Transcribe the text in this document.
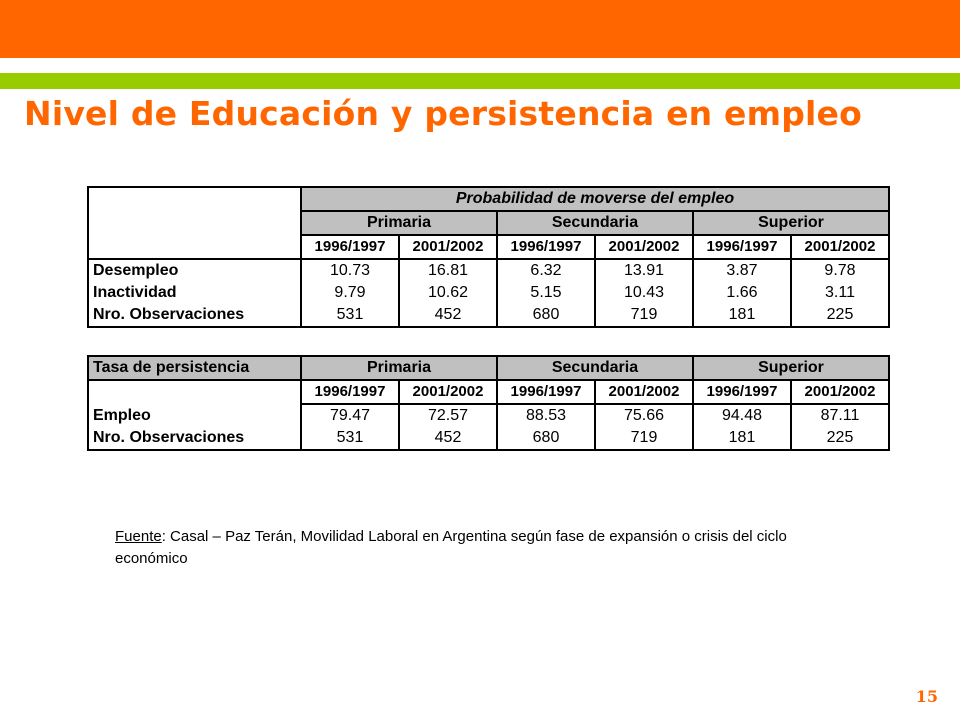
Nivel de Educación y persistencia en empleo
	Probabilidad de moverse del empleo					
	Primaria		Secundaria		Superior	
	1996/1997	2001/2002	1996/1997	2001/2002	1996/1997	2001/2002
Desempleo	10.73	16.81	6.32	13.91	3.87	9.78
Inactividad	9.79	10.62	5.15	10.43	1.66	3.11
Nro. Observaciones	531	452	680	719	181	225
Tasa de persistencia	Primaria		Secundaria		Superior	
	1996/1997	2001/2002	1996/1997	2001/2002	1996/1997	2001/2002
Empleo	79.47	72.57	88.53	75.66	94.48	87.11
Nro. Observaciones	531	452	680	719	181	225
Fuente: Casal – Paz Terán, Movilidad Laboral en Argentina según fase de expansión o crisis del ciclo económico
15
